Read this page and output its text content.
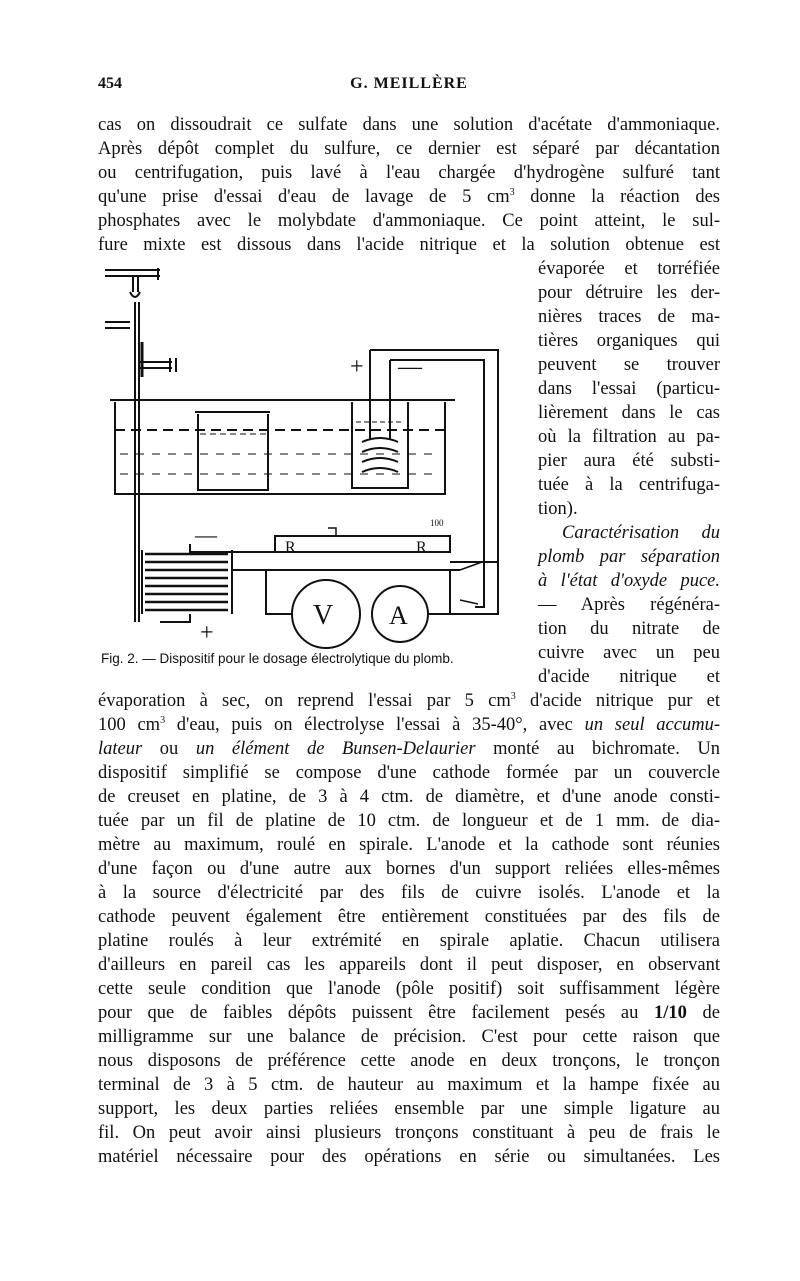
454	G. MEILLÈRE
cas on dissoudrait ce sulfate dans une solution d'acétate d'ammoniaque.
Après dépôt complet du sulfure, ce dernier est séparé par décantation
ou centrifugation, puis lavé à l'eau chargée d'hydrogène sulfuré tant
qu'une prise d'essai d'eau de lavage de 5 $cm^3$ donne la réaction des
phosphates avec le molybdate d'ammoniaque. Ce point atteint, le sul-
fure mixte est dissous dans l'acide nitrique et la solution obtenue est
+ —
—
+
R	R
100
V A
Fig. 2. — Dispositif pour le dosage électrolytique du plomb.
évaporée et torréfiée
pour détruire les der-
nières traces de ma-
tières organiques qui
peuvent se trouver
dans l'essai (particu-
lièrement dans le cas
où la filtration au pa-
pier aura été substi-
tuée à la centrifuga-
tion).
Caractérisation du
plomb par séparation
à l'état d'oxyde puce.
— Après régénéra-
tion du nitrate de
cuivre avec un peu
d'acide nitrique et
évaporation à sec, on reprend l'essai par 5 $cm^3$ d'acide nitrique pur et
100 $cm^3$ d'eau, puis on électrolyse l'essai à 35-40°, avec un seul accumu-
lateur ou un élément de Bunsen-Delaurier monté au bichromate. Un
dispositif simplifié se compose d'une cathode formée par un couvercle
de creuset en platine, de 3 à 4 ctm. de diamètre, et d'une anode consti-
tuée par un fil de platine de 10 ctm. de longueur et de 1 mm. de dia-
mètre au maximum, roulé en spirale. L'anode et la cathode sont réunies
d'une façon ou d'une autre aux bornes d'un support reliées elles-mêmes
à la source d'électricité par des fils de cuivre isolés. L'anode et la
cathode peuvent également être entièrement constituées par des fils de
platine roulés à leur extrémité en spirale aplatie. Chacun utilisera
d'ailleurs en pareil cas les appareils dont il peut disposer, en observant
cette seule condition que l'anode (pôle positif) soit suffisamment légère
pour que de faibles dépôts puissent être facilement pesés au 1/10 de
milligramme sur une balance de précision. C'est pour cette raison que
nous disposons de préférence cette anode en deux tronçons, le tronçon
terminal de 3 à 5 ctm. de hauteur au maximum et la hampe fixée au
support, les deux parties reliées ensemble par une simple ligature au
fil. On peut avoir ainsi plusieurs tronçons constituant à peu de frais le
matériel nécessaire pour des opérations en série ou simultanées. Les
